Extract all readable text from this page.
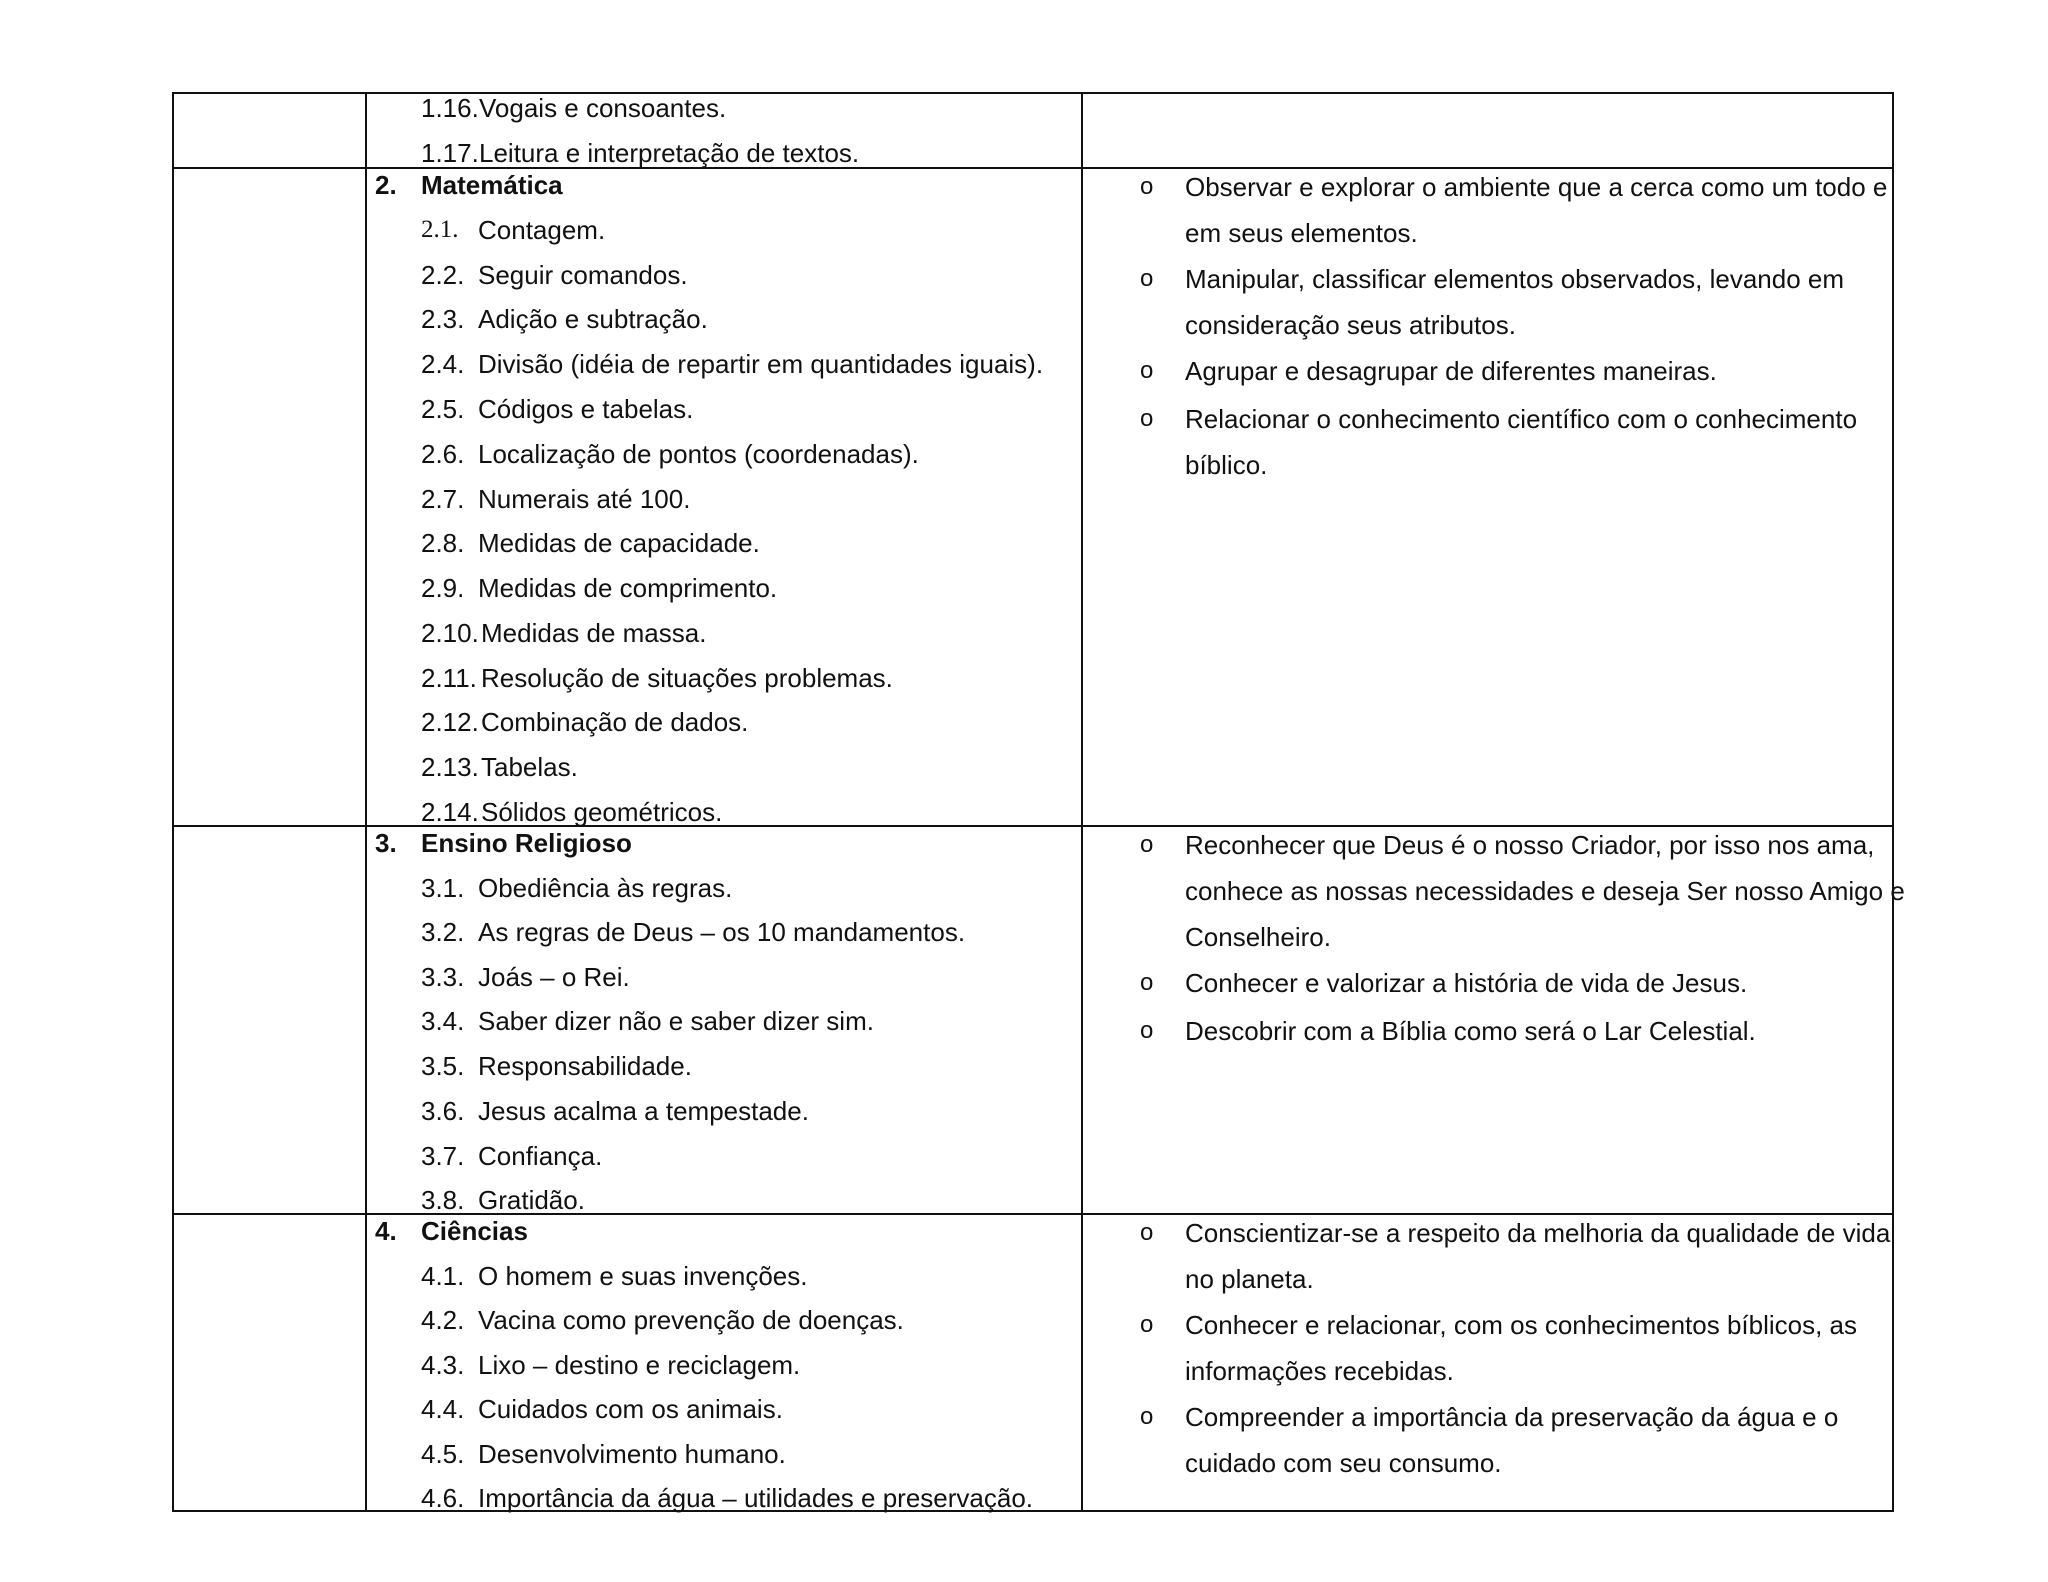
1.16. Vogais e consoantes.
1.17. Leitura e interpretação de textos.
2. Matemática
2.1. Contagem.
2.2. Seguir comandos.
2.3. Adição e subtração.
2.4. Divisão (idéia de repartir em quantidades iguais).
2.5. Códigos e tabelas.
2.6. Localização de pontos (coordenadas).
2.7. Numerais até 100.
2.8. Medidas de capacidade.
2.9. Medidas de comprimento.
2.10. Medidas de massa.
2.11. Resolução de situações problemas.
2.12. Combinação de dados.
2.13. Tabelas.
2.14. Sólidos geométricos.
o Observar e explorar o ambiente que a cerca como um todo e em seus elementos.
o Manipular, classificar elementos observados, levando em consideração seus atributos.
o Agrupar e desagrupar de diferentes maneiras.
o Relacionar o conhecimento científico com o conhecimento bíblico.
3. Ensino Religioso
3.1. Obediência às regras.
3.2. As regras de Deus – os 10 mandamentos.
3.3. Joás – o Rei.
3.4. Saber dizer não e saber dizer sim.
3.5. Responsabilidade.
3.6. Jesus acalma a tempestade.
3.7. Confiança.
3.8. Gratidão.
o Reconhecer que Deus é o nosso Criador, por isso nos ama, conhece as nossas necessidades e deseja Ser nosso Amigo e Conselheiro.
o Conhecer e valorizar a história de vida de Jesus.
o Descobrir com a Bíblia como será o Lar Celestial.
4. Ciências
4.1. O homem e suas invenções.
4.2. Vacina como prevenção de doenças.
4.3. Lixo – destino e reciclagem.
4.4. Cuidados com os animais.
4.5. Desenvolvimento humano.
4.6. Importância da água – utilidades e preservação.
o Conscientizar-se a respeito da melhoria da qualidade de vida no planeta.
o Conhecer e relacionar, com os conhecimentos bíblicos, as informações recebidas.
o Compreender a importância da preservação da água e o cuidado com seu consumo.
